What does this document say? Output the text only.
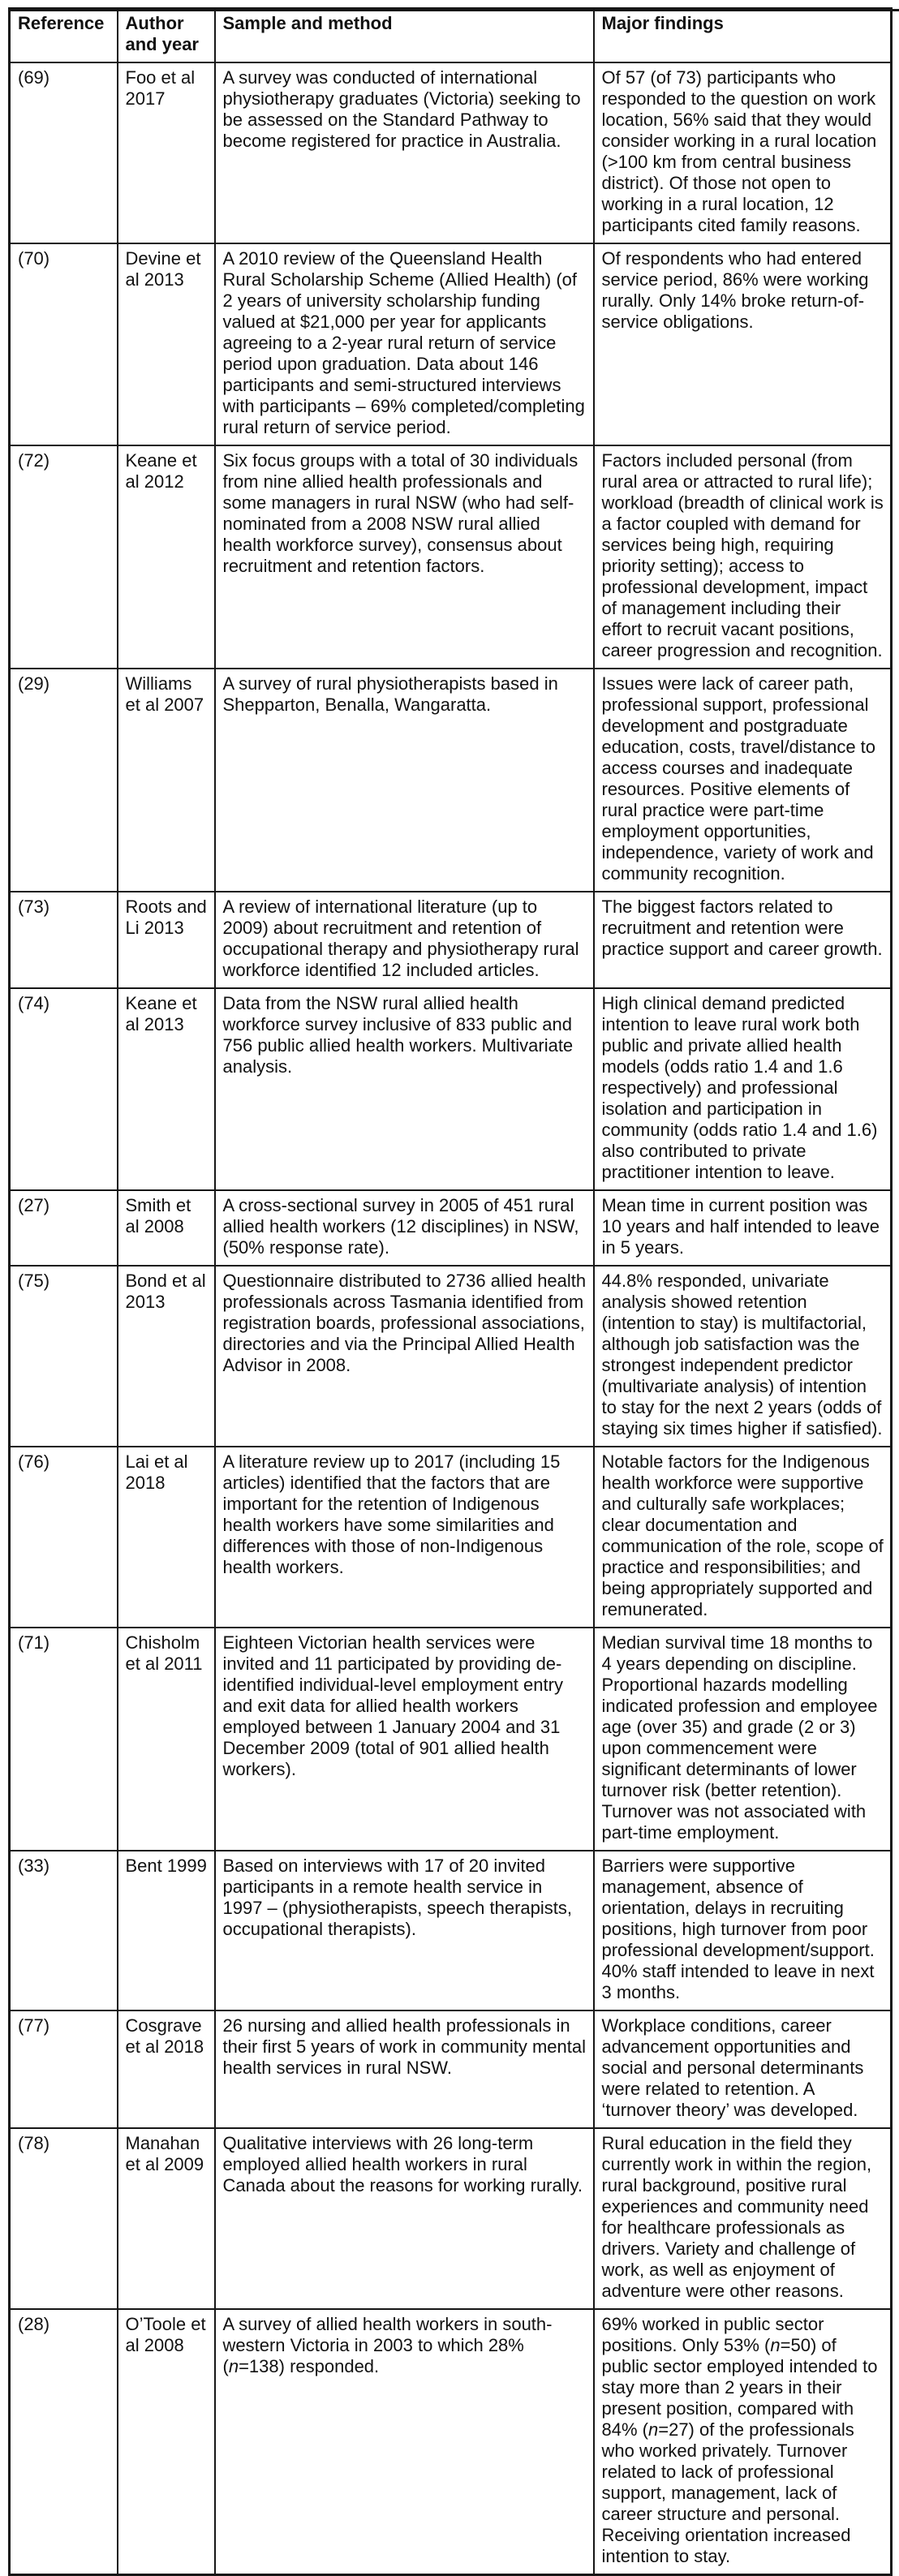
Reference	Author and year	Sample and method	Major findings
(69)	Foo et al 2017	A survey was conducted of international physiotherapy graduates (Victoria) seeking to be assessed on the Standard Pathway to become registered for practice in Australia.	Of 57 (of 73) participants who responded to the question on work location, 56% said that they would consider working in a rural location (>100 km from central business district). Of those not open to working in a rural location, 12 participants cited family reasons.
(70)	Devine et al 2013	A 2010 review of the Queensland Health Rural Scholarship Scheme (Allied Health) (of 2 years of university scholarship funding valued at $21,000 per year for applicants agreeing to a 2-year rural return of service period upon graduation. Data about 146 participants and semi-structured interviews with participants – 69% completed/completing rural return of service period.	Of respondents who had entered service period, 86% were working rurally. Only 14% broke return-of-service obligations.
(72)	Keane et al 2012	Six focus groups with a total of 30 individuals from nine allied health professionals and some managers in rural NSW (who had self-nominated from a 2008 NSW rural allied health workforce survey), consensus about recruitment and retention factors.	Factors included personal (from rural area or attracted to rural life); workload (breadth of clinical work is a factor coupled with demand for services being high, requiring priority setting); access to professional development, impact of management including their effort to recruit vacant positions, career progression and recognition.
(29)	Williams et al 2007	A survey of rural physiotherapists based in Shepparton, Benalla, Wangaratta.	Issues were lack of career path, professional support, professional development and postgraduate education, costs, travel/distance to access courses and inadequate resources. Positive elements of rural practice were part-time employment opportunities, independence, variety of work and community recognition.
(73)	Roots and Li 2013	A review of international literature (up to 2009) about recruitment and retention of occupational therapy and physiotherapy rural workforce identified 12 included articles.	The biggest factors related to recruitment and retention were practice support and career growth.
(74)	Keane et al 2013	Data from the NSW rural allied health workforce survey inclusive of 833 public and 756 public allied health workers. Multivariate analysis.	High clinical demand predicted intention to leave rural work both public and private allied health models (odds ratio 1.4 and 1.6 respectively) and professional isolation and participation in community (odds ratio 1.4 and 1.6) also contributed to private practitioner intention to leave.
(27)	Smith et al 2008	A cross-sectional survey in 2005 of 451 rural allied health workers (12 disciplines) in NSW, (50% response rate).	Mean time in current position was 10 years and half intended to leave in 5 years.
(75)	Bond et al 2013	Questionnaire distributed to 2736 allied health professionals across Tasmania identified from registration boards, professional associations, directories and via the Principal Allied Health Advisor in 2008.	44.8% responded, univariate analysis showed retention (intention to stay) is multifactorial, although job satisfaction was the strongest independent predictor (multivariate analysis) of intention to stay for the next 2 years (odds of staying six times higher if satisfied).
(76)	Lai et al 2018	A literature review up to 2017 (including 15 articles) identified that the factors that are important for the retention of Indigenous health workers have some similarities and differences with those of non-Indigenous health workers.	Notable factors for the Indigenous health workforce were supportive and culturally safe workplaces; clear documentation and communication of the role, scope of practice and responsibilities; and being appropriately supported and remunerated.
(71)	Chisholm et al 2011	Eighteen Victorian health services were invited and 11 participated by providing de-identified individual-level employment entry and exit data for allied health workers employed between 1 January 2004 and 31 December 2009 (total of 901 allied health workers).	Median survival time 18 months to 4 years depending on discipline. Proportional hazards modelling indicated profession and employee age (over 35) and grade (2 or 3) upon commencement were significant determinants of lower turnover risk (better retention). Turnover was not associated with part-time employment.
(33)	Bent 1999	Based on interviews with 17 of 20 invited participants in a remote health service in 1997 – (physiotherapists, speech therapists, occupational therapists).	Barriers were supportive management, absence of orientation, delays in recruiting positions, high turnover from poor professional development/support. 40% staff intended to leave in next 3 months.
(77)	Cosgrave et al 2018	26 nursing and allied health professionals in their first 5 years of work in community mental health services in rural NSW.	Workplace conditions, career advancement opportunities and social and personal determinants were related to retention. A ‘turnover theory’ was developed.
(78)	Manahan et al 2009	Qualitative interviews with 26 long-term employed allied health workers in rural Canada about the reasons for working rurally.	Rural education in the field they currently work in within the region, rural background, positive rural experiences and community need for healthcare professionals as drivers. Variety and challenge of work, as well as enjoyment of adventure were other reasons.
(28)	O’Toole et al 2008	A survey of allied health workers in south-western Victoria in 2003 to which 28% (n=138) responded.	69% worked in public sector positions. Only 53% (n=50) of public sector employed intended to stay more than 2 years in their present position, compared with 84% (n=27) of the professionals who worked privately. Turnover related to lack of professional support, management, lack of career structure and personal. Receiving orientation increased intention to stay.
